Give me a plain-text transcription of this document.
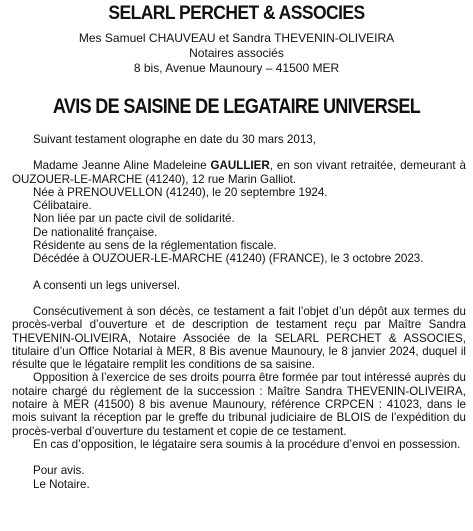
SELARL PERCHET & ASSOCIES
Mes Samuel CHAUVEAU et Sandra THEVENIN-OLIVEIRA
Notaires associés
8 bis, Avenue Maunoury – 41500 MER
AVIS DE SAISINE DE LEGATAIRE UNIVERSEL

Suivant testament olographe en date du 30 mars 2013,

Madame Jeanne Aline Madeleine GAULLIER, en son vivant retraitée, demeurant à OUZOUER-LE-MARCHE (41240), 12 rue Marin Galliot.

Née à PRENOUVELLON (41240), le 20 septembre 1924.
Célibataire.
Non liée par un pacte civil de solidarité.
De nationalité française.
Résidente au sens de la réglementation fiscale.
Décédée à OUZOUER-LE-MARCHE (41240) (FRANCE), le 3 octobre 2023.

A consenti un legs universel.

Consécutivement à son décès, ce testament a fait l’objet d’un dépôt aux termes du procès-verbal d’ouverture et de description de testament reçu par Maître Sandra THEVENIN-OLIVEIRA, Notaire Associée de la SELARL PERCHET & ASSOCIES, titulaire d’un Office Notarial à MER, 8 Bis avenue Maunoury, le 8 janvier 2024, duquel il résulte que le légataire remplit les conditions de sa saisine.

Opposition à l’exercice de ses droits pourra être formée par tout intéressé auprès du notaire chargé du règlement de la succession : Maître Sandra THEVENIN-OLIVEIRA, notaire à MER (41500) 8 bis avenue Maunoury, référence CRPCEN : 41023, dans le mois suivant la réception par le greffe du tribunal judiciaire de BLOIS de l’expédition du procès-verbal d’ouverture du testament et copie de ce testament.

En cas d’opposition, le légataire sera soumis à la procédure d’envoi en possession.

Pour avis.
Le Notaire.
